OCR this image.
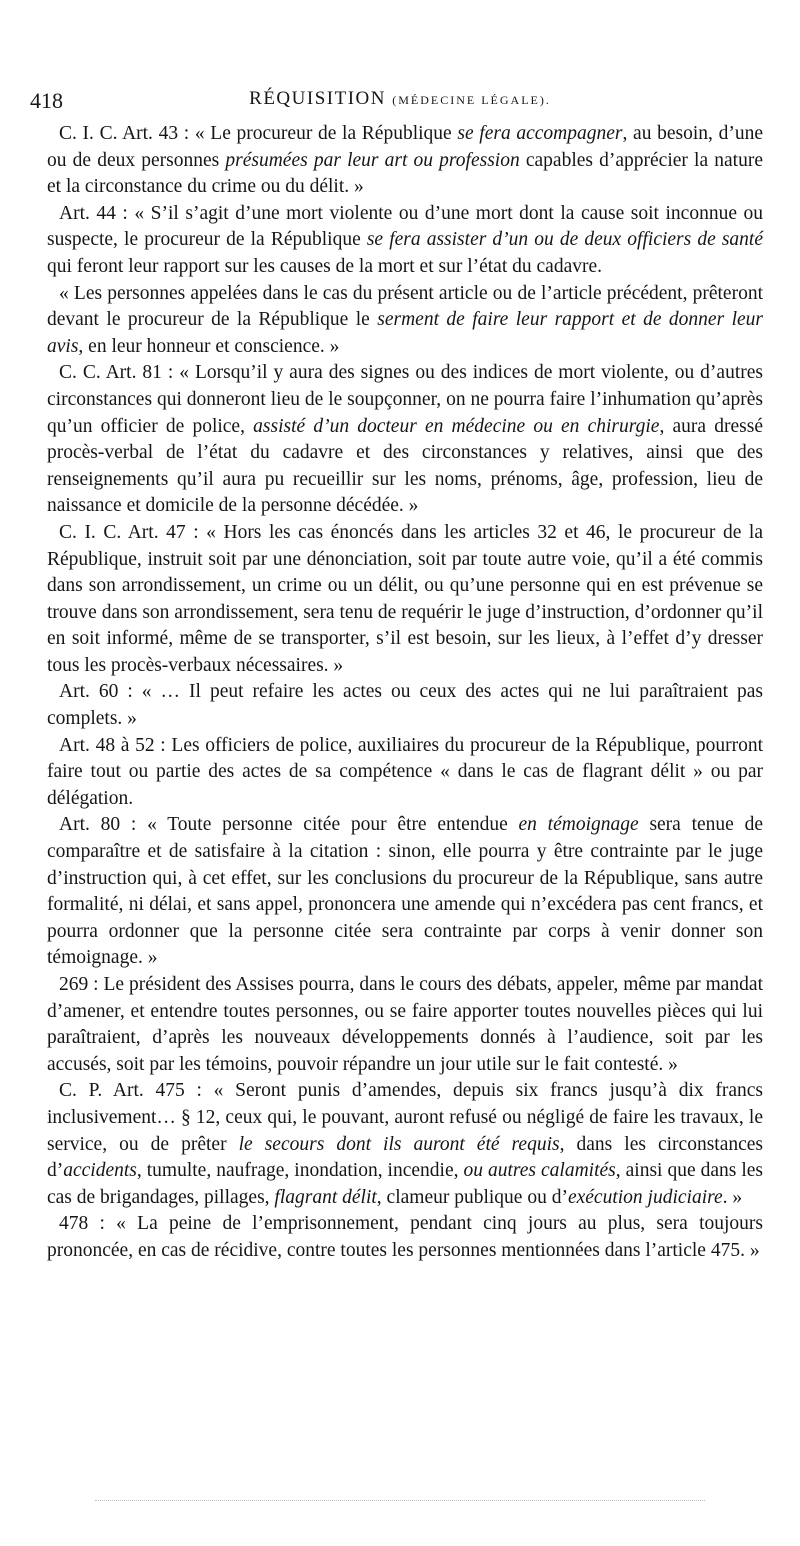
418	RÉQUISITION (MÉDECINE LÉGALE).

C. I. C. Art. 43 : « Le procureur de la République se fera accompagner, au besoin, d’une ou de deux personnes présumées par leur art ou profession capables d’apprécier la nature et la circonstance du crime ou du délit. »

Art. 44 : « S’il s’agit d’une mort violente ou d’une mort dont la cause soit inconnue ou suspecte, le procureur de la République se fera assister d’un ou de deux officiers de santé qui feront leur rapport sur les causes de la mort et sur l’état du cadavre.

« Les personnes appelées dans le cas du présent article ou de l’article précédent, prêteront devant le procureur de la République le serment de faire leur rapport et de donner leur avis, en leur honneur et conscience. »

C. C. Art. 81 : « Lorsqu’il y aura des signes ou des indices de mort violente, ou d’autres circonstances qui donneront lieu de le soupçonner, on ne pourra faire l’inhumation qu’après qu’un officier de police, assisté d’un docteur en médecine ou en chirurgie, aura dressé procès-verbal de l’état du cadavre et des circonstances y relatives, ainsi que des renseignements qu’il aura pu recueillir sur les noms, prénoms, âge, profession, lieu de naissance et domicile de la personne décédée. »

C. I. C. Art. 47 : « Hors les cas énoncés dans les articles 32 et 46, le procureur de la République, instruit soit par une dénonciation, soit par toute autre voie, qu’il a été commis dans son arrondissement, un crime ou un délit, ou qu’une personne qui en est prévenue se trouve dans son arrondissement, sera tenu de requérir le juge d’instruction, d’ordonner qu’il en soit informé, même de se transporter, s’il est besoin, sur les lieux, à l’effet d’y dresser tous les procès-verbaux nécessaires. »

Art. 60 : « … Il peut refaire les actes ou ceux des actes qui ne lui paraîtraient pas complets. »

Art. 48 à 52 : Les officiers de police, auxiliaires du procureur de la République, pourront faire tout ou partie des actes de sa compétence « dans le cas de flagrant délit » ou par délégation.

Art. 80 : « Toute personne citée pour être entendue en témoignage sera tenue de comparaître et de satisfaire à la citation : sinon, elle pourra y être contrainte par le juge d’instruction qui, à cet effet, sur les conclusions du procureur de la République, sans autre formalité, ni délai, et sans appel, prononcera une amende qui n’excédera pas cent francs, et pourra ordonner que la personne citée sera contrainte par corps à venir donner son témoignage. »

269 : Le président des Assises pourra, dans le cours des débats, appeler, même par mandat d’amener, et entendre toutes personnes, ou se faire apporter toutes nouvelles pièces qui lui paraîtraient, d’après les nouveaux développements donnés à l’audience, soit par les accusés, soit par les témoins, pouvoir répandre un jour utile sur le fait contesté. »

C. P. Art. 475 : « Seront punis d’amendes, depuis six francs jusqu’à dix francs inclusivement… § 12, ceux qui, le pouvant, auront refusé ou négligé de faire les travaux, le service, ou de prêter le secours dont ils auront été requis, dans les circonstances d’accidents, tumulte, naufrage, inondation, incendie, ou autres calamités, ainsi que dans les cas de brigandages, pillages, flagrant délit, clameur publique ou d’exécution judiciaire. »

478 : « La peine de l’emprisonnement, pendant cinq jours au plus, sera toujours prononcée, en cas de récidive, contre toutes les personnes mentionnées dans l’article 475. »
